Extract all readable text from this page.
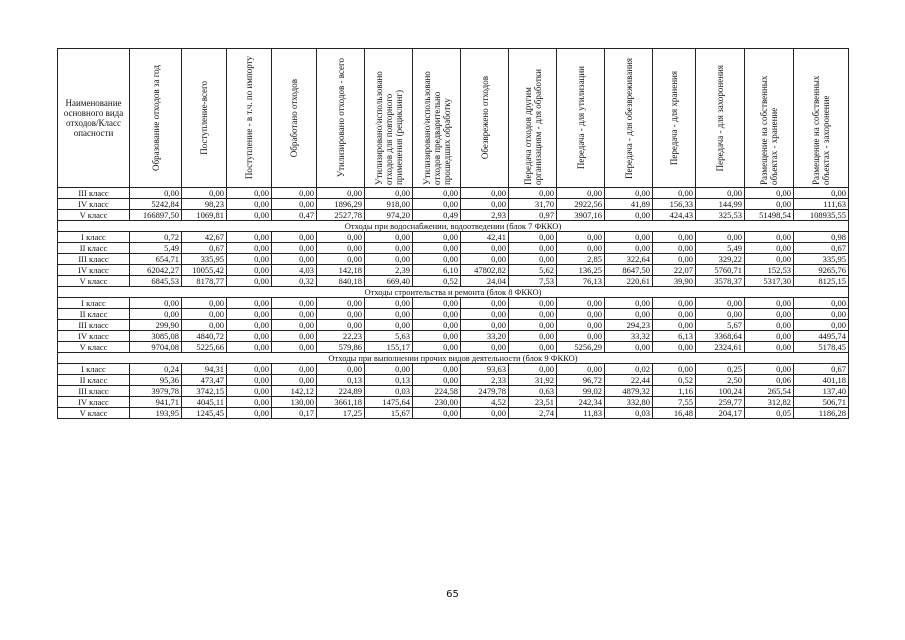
Наименование основного вида отходов/Класс опасности	Образование отходов за год	Поступление-всего	Поступление - в т.ч. по импорту	Обработано отходов	Утилизировано отходов - всего	Утилизировано/использовано отходов для повторного применения (рециклинг)	Утилизировано/использовано отходов предварительно прошедших обработку	Обезврежено отходов	Передача отходов другим организациям - для обработки	Передача - для утилизации	Передача - для обезвреживания	Передача - для хранения	Передача - для захоронения	Размещение на собственных объектах - хранение	Размещение на собственных объектах - захоронение

III класс	0,00	0,00	0,00	0,00	0,00	0,00	0,00	0,00	0,00	0,00	0,00	0,00	0,00	0,00	0,00
IV класс	5242,84	98,23	0,00	0,00	1896,29	918,00	0,00	0,00	31,70	2922,56	41,89	156,33	144,99	0,00	111,63
V класс	166897,50	1069,81	0,00	0,47	2527,78	974,20	0,49	2,93	0,97	3907,16	0,00	424,43	325,53	51498,54	108935,55
Отходы при водоснабжении, водоотведении (блок 7 ФККО)															
I класс	0,72	42,67	0,00	0,00	0,00	0,00	0,00	42,41	0,00	0,00	0,00	0,00	0,00	0,00	0,98
II класс	5,49	0,67	0,00	0,00	0,00	0,00	0,00	0,00	0,00	0,00	0,00	0,00	5,49	0,00	0,67
III класс	654,71	335,95	0,00	0,00	0,00	0,00	0,00	0,00	0,00	2,85	322,64	0,00	329,22	0,00	335,95
IV класс	62042,27	10055,42	0,00	4,03	142,18	2,39	6,10	47802,82	5,62	136,25	8647,50	22,07	5760,71	152,53	9265,76
V класс	6845,53	8178,77	0,00	0,32	840,18	669,40	0,52	24,04	7,53	76,13	220,61	39,90	3578,37	5317,30	8125,15
Отходы строительства и ремонта (блок 8 ФККО)															
I класс	0,00	0,00	0,00	0,00	0,00	0,00	0,00	0,00	0,00	0,00	0,00	0,00	0,00	0,00	0,00
II класс	0,00	0,00	0,00	0,00	0,00	0,00	0,00	0,00	0,00	0,00	0,00	0,00	0,00	0,00	0,00
III класс	299,90	0,00	0,00	0,00	0,00	0,00	0,00	0,00	0,00	0,00	294,23	0,00	5,67	0,00	0,00
IV класс	3085,08	4840,72	0,00	0,00	22,23	5,63	0,00	33,20	0,00	0,00	33,32	6,13	3368,64	0,00	4495,74
V класс	9704,08	5225,66	0,00	0,00	579,86	155,17	0,00	0,00	0,00	5256,29	0,00	0,00	2324,61	0,00	5178,45
Отходы при выполнении прочих видов деятельности (блок 9 ФККО)															
I класс	0,24	94,31	0,00	0,00	0,00	0,00	0,00	93,63	0,00	0,00	0,02	0,00	0,25	0,00	0,67
II класс	95,36	473,47	0,00	0,00	0,13	0,13	0,00	2,33	31,92	96,72	22,44	0,52	2,50	0,06	401,18
III класс	3979,78	3742,15	0,00	142,12	224,89	0,03	224,58	2479,78	0,63	99,02	4879,32	1,16	100,24	265,54	137,40
IV класс	941,71	4045,11	0,00	130,00	3661,18	1475,64	230,00	4,52	23,51	242,34	332,80	7,55	259,77	312,82	506,71
V класс	193,95	1245,45	0,00	0,17	17,25	15,67	0,00	0,00	2,74	11,83	0,03	16,48	204,17	0,05	1186,28
65
